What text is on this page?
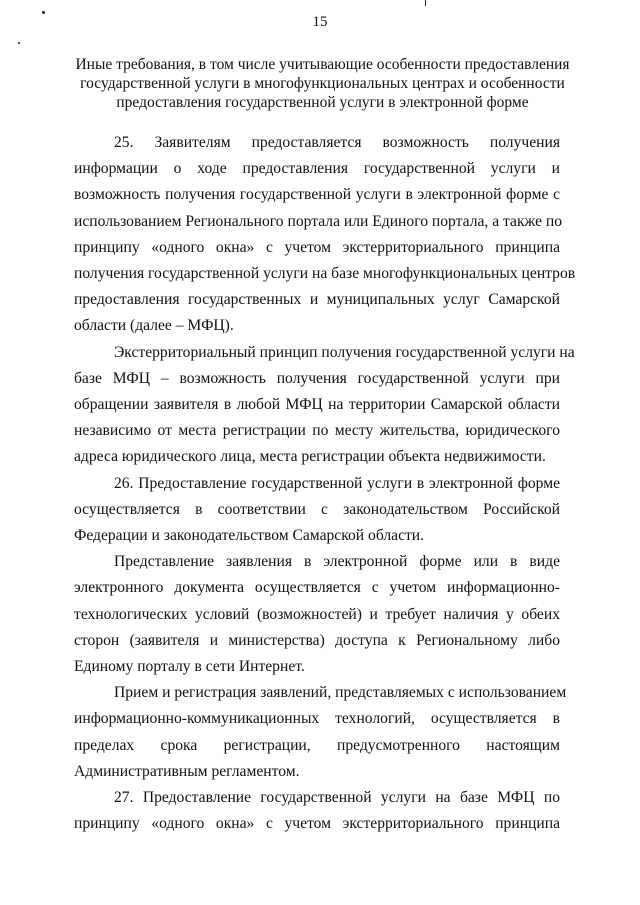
15
Иные требования, в том числе учитывающие особенности предоставления
государственной услуги в многофункциональных центрах и особенности
предоставления государственной услуги в электронной форме
25. Заявителям предоставляется возможность получения
информации о ходе предоставления государственной услуги и
возможность получения государственной услуги в электронной форме с
использованием Регионального портала или Единого портала, а также по
принципу «одного окна» с учетом экстерриториального принципа
получения государственной услуги на базе многофункциональных центров
предоставления государственных и муниципальных услуг Самарской
области (далее – МФЦ).
Экстерриториальный принцип получения государственной услуги на
базе МФЦ – возможность получения государственной услуги при
обращении заявителя в любой МФЦ на территории Самарской области
независимо от места регистрации по месту жительства, юридического
адреса юридического лица, места регистрации объекта недвижимости.
26. Предоставление государственной услуги в электронной форме
осуществляется в соответствии с законодательством Российской
Федерации и законодательством Самарской области.
Представление заявления в электронной форме или в виде
электронного документа осуществляется с учетом информационно-
технологических условий (возможностей) и требует наличия у обеих
сторон (заявителя и министерства) доступа к Региональному либо
Единому порталу в сети Интернет.
Прием и регистрация заявлений, представляемых с использованием
информационно-коммуникационных технологий, осуществляется в
пределах срока регистрации, предусмотренного настоящим
Административным регламентом.
27. Предоставление государственной услуги на базе МФЦ по
принципу «одного окна» с учетом экстерриториального принципа
